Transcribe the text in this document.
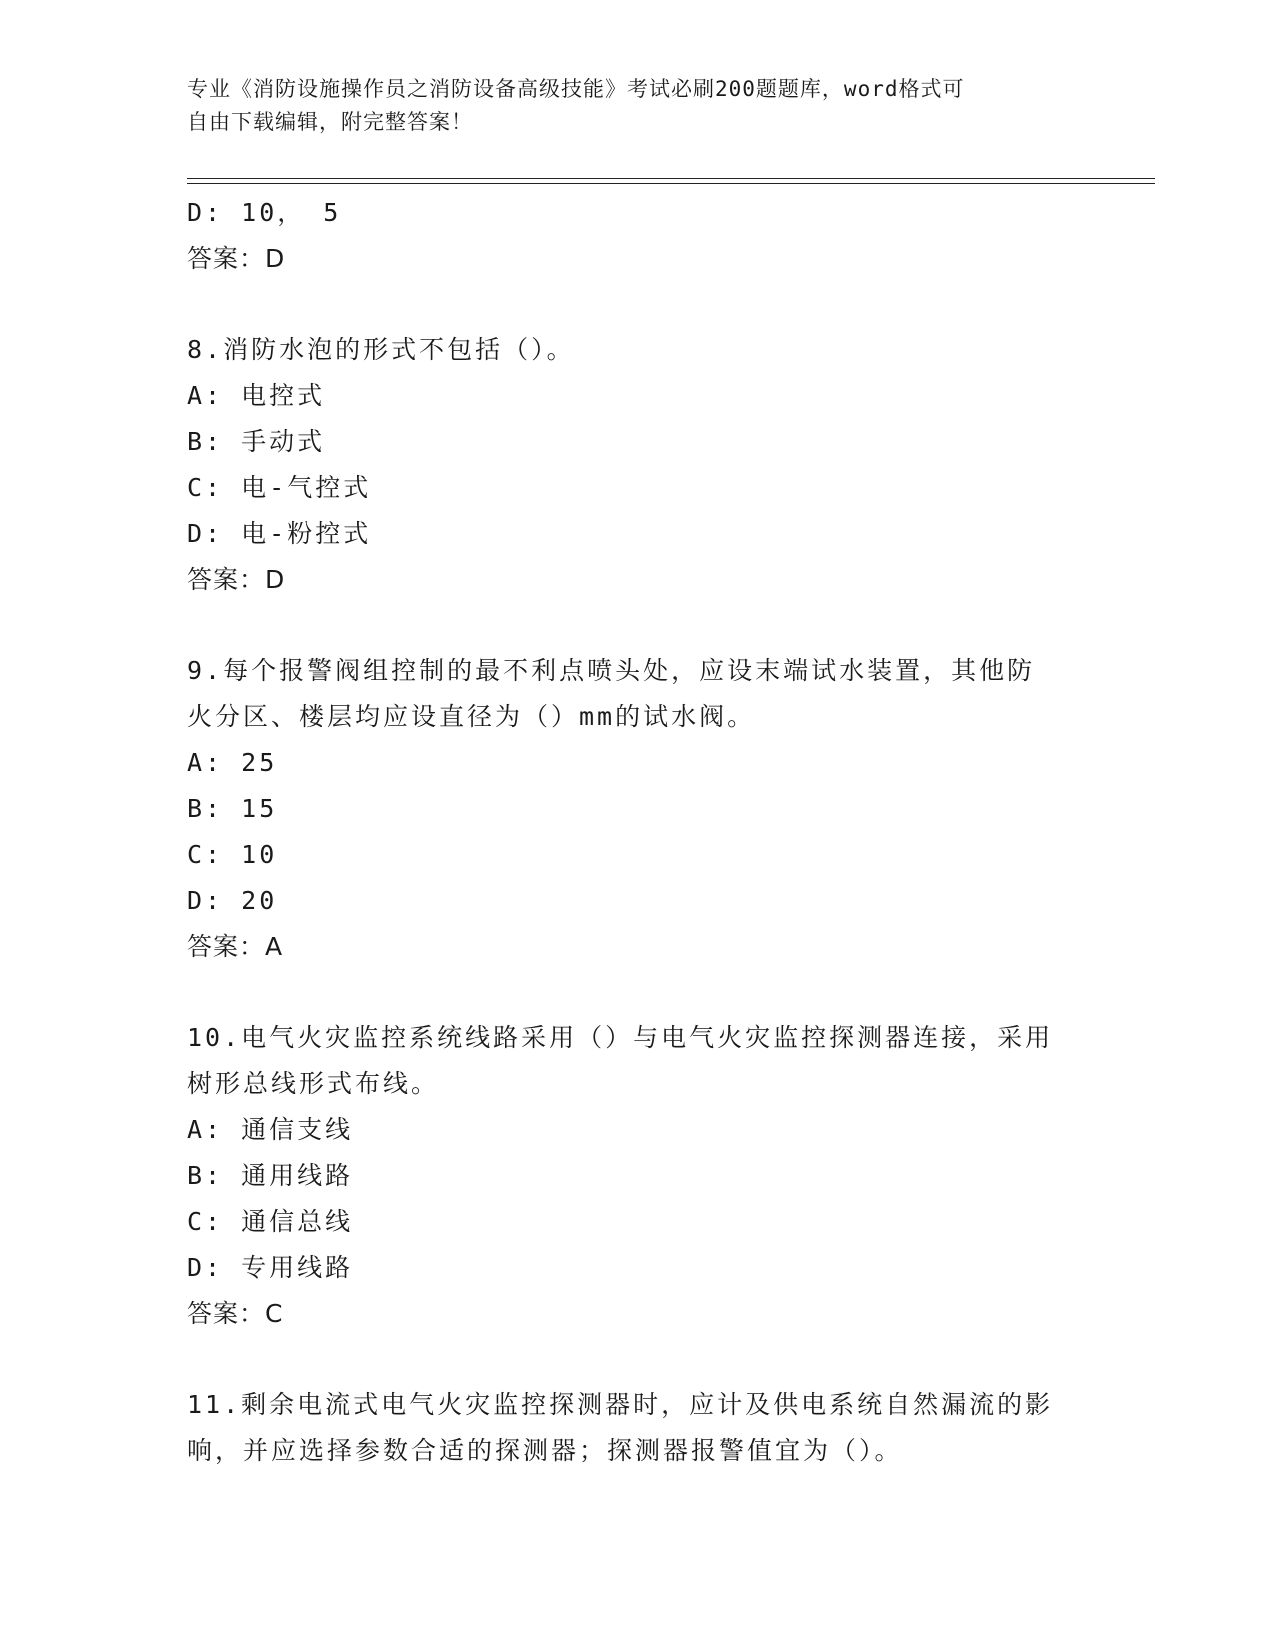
专业《消防设施操作员之消防设备高级技能》考试必刷200题题库，word格式可
自由下载编辑，附完整答案！
D: 10， 5
答案：D
8.消防水泡的形式不包括（）。
A: 电控式
B: 手动式
C: 电-气控式
D: 电-粉控式
答案：D
9.每个报警阀组控制的最不利点喷头处，应设末端试水装置，其他防
火分区、楼层均应设直径为（）mm的试水阀。
A: 25
B: 15
C: 10
D: 20
答案：A
10.电气火灾监控系统线路采用（）与电气火灾监控探测器连接，采用
树形总线形式布线。
A: 通信支线
B: 通用线路
C: 通信总线
D: 专用线路
答案：C
11.剩余电流式电气火灾监控探测器时，应计及供电系统自然漏流的影
响，并应选择参数合适的探测器；探测器报警值宜为（）。
